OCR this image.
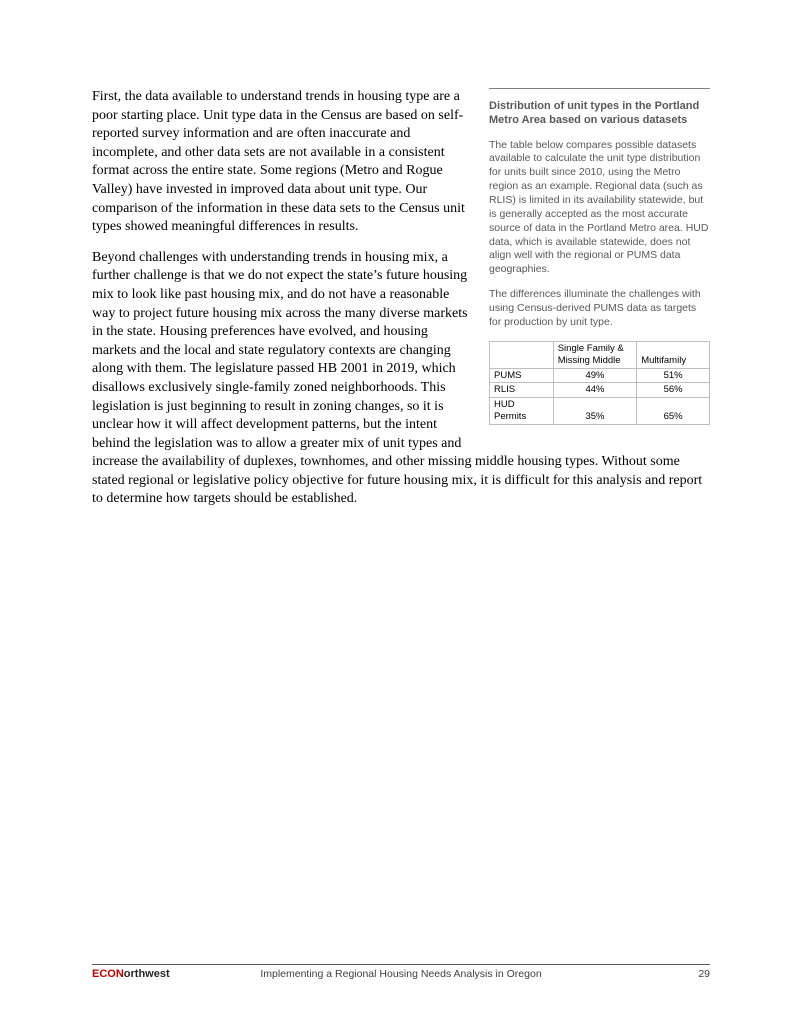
Distribution of unit types in the Portland Metro Area based on various datasets

The table below compares possible datasets available to calculate the unit type distribution for units built since 2010, using the Metro region as an example. Regional data (such as RLIS) is limited in its availability statewide, but is generally accepted as the most accurate source of data in the Portland Metro area. HUD data, which is available statewide, does not align well with the regional or PUMS data geographies.

The differences illuminate the challenges with using Census-derived PUMS data as targets for production by unit type.

	Single Family & Missing Middle	Multifamily
PUMS	49%	51%
RLIS	44%	56%
HUD Permits	35%	65%

First, the data available to understand trends in housing type are a poor starting place. Unit type data in the Census are based on self-reported survey information and are often inaccurate and incomplete, and other data sets are not available in a consistent format across the entire state. Some regions (Metro and Rogue Valley) have invested in improved data about unit type. Our comparison of the information in these data sets to the Census unit types showed meaningful differences in results.

Beyond challenges with understanding trends in housing mix, a further challenge is that we do not expect the state’s future housing mix to look like past housing mix, and do not have a reasonable way to project future housing mix across the many diverse markets in the state. Housing preferences have evolved, and housing markets and the local and state regulatory contexts are changing along with them. The legislature passed HB 2001 in 2019, which disallows exclusively single-family zoned neighborhoods. This legislation is just beginning to result in zoning changes, so it is unclear how it will affect development patterns, but the intent behind the legislation was to allow a greater mix of unit types and increase the availability of duplexes, townhomes, and other missing middle housing types. Without some stated regional or legislative policy objective for future housing mix, it is difficult for this analysis and report to determine how targets should be established.

ECONorthwest	Implementing a Regional Housing Needs Analysis in Oregon	29
